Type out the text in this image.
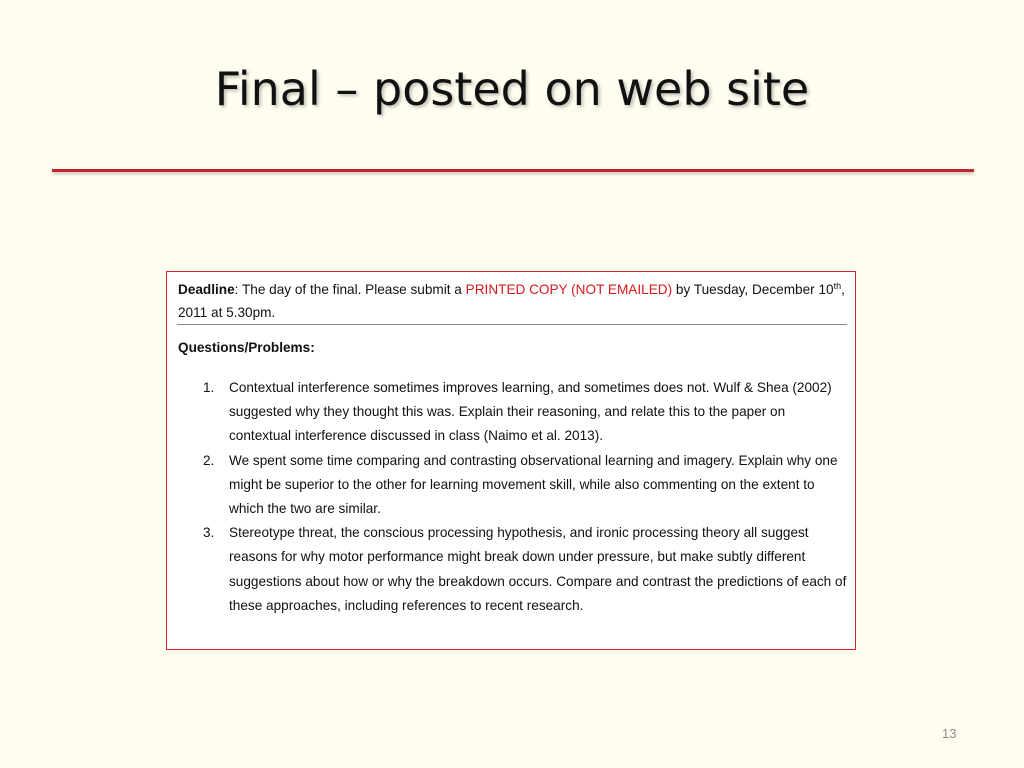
Final – posted on web site
Deadline: The day of the final. Please submit a PRINTED COPY (NOT EMAILED) by Tuesday, December 10th, 2011 at 5.30pm.
Questions/Problems:
1. Contextual interference sometimes improves learning, and sometimes does not. Wulf & Shea (2002) suggested why they thought this was. Explain their reasoning, and relate this to the paper on contextual interference discussed in class (Naimo et al. 2013).
2. We spent some time comparing and contrasting observational learning and imagery. Explain why one might be superior to the other for learning movement skill, while also commenting on the extent to which the two are similar.
3. Stereotype threat, the conscious processing hypothesis, and ironic processing theory all suggest reasons for why motor performance might break down under pressure, but make subtly different suggestions about how or why the breakdown occurs. Compare and contrast the predictions of each of these approaches, including references to recent research.
13
